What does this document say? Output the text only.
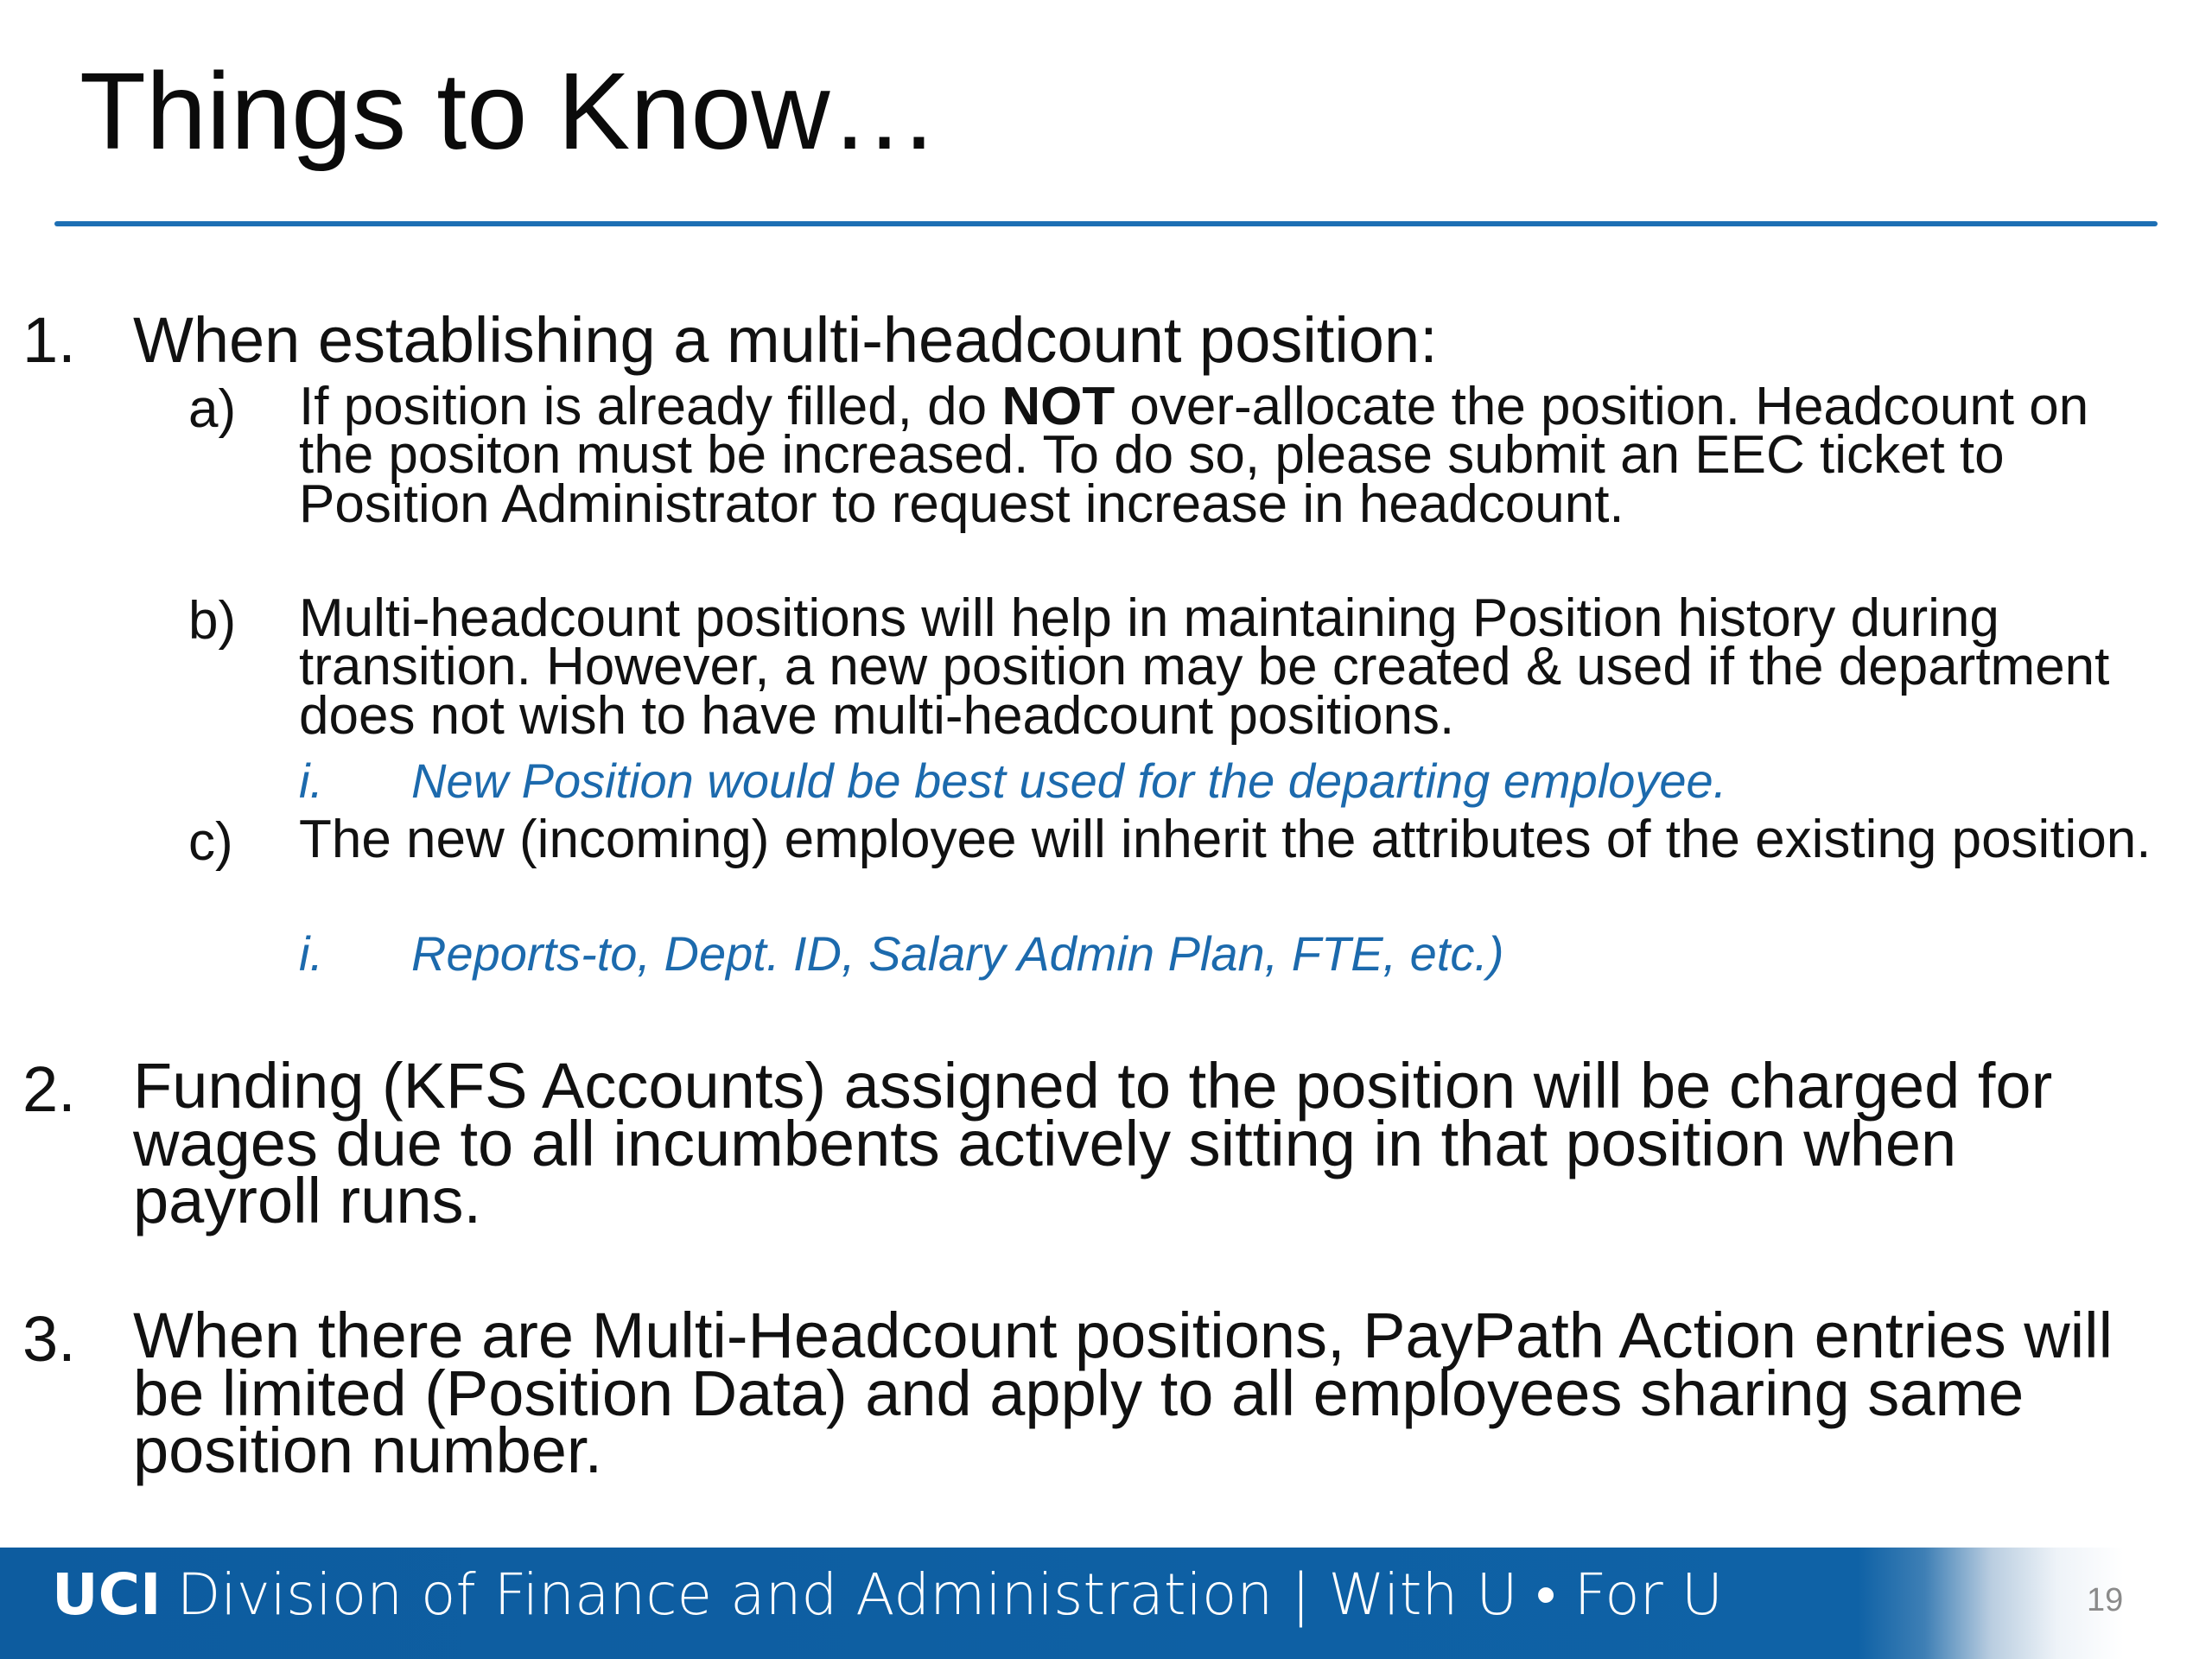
Things to Know…
1. When establishing a multi-headcount position:
a) If position is already filled, do NOT over-allocate the position. Headcount on the positon must be increased. To do so, please submit an EEC ticket to Position Administrator to request increase in headcount.
b) Multi-headcount positions will help in maintaining Position history during transition. However, a new position may be created & used if the department does not wish to have multi-headcount positions.
i. New Position would be best used for the departing employee.
c) The new (incoming) employee will inherit the attributes of the existing position.
i. Reports-to, Dept. ID, Salary Admin Plan, FTE, etc.)
2. Funding (KFS Accounts) assigned to the position will be charged for wages due to all incumbents actively sitting in that position when payroll runs.
3. When there are Multi-Headcount positions, PayPath Action entries will be limited (Position Data) and apply to all employees sharing same position number.
UCI Division of Finance and Administration | With U • For U	19
